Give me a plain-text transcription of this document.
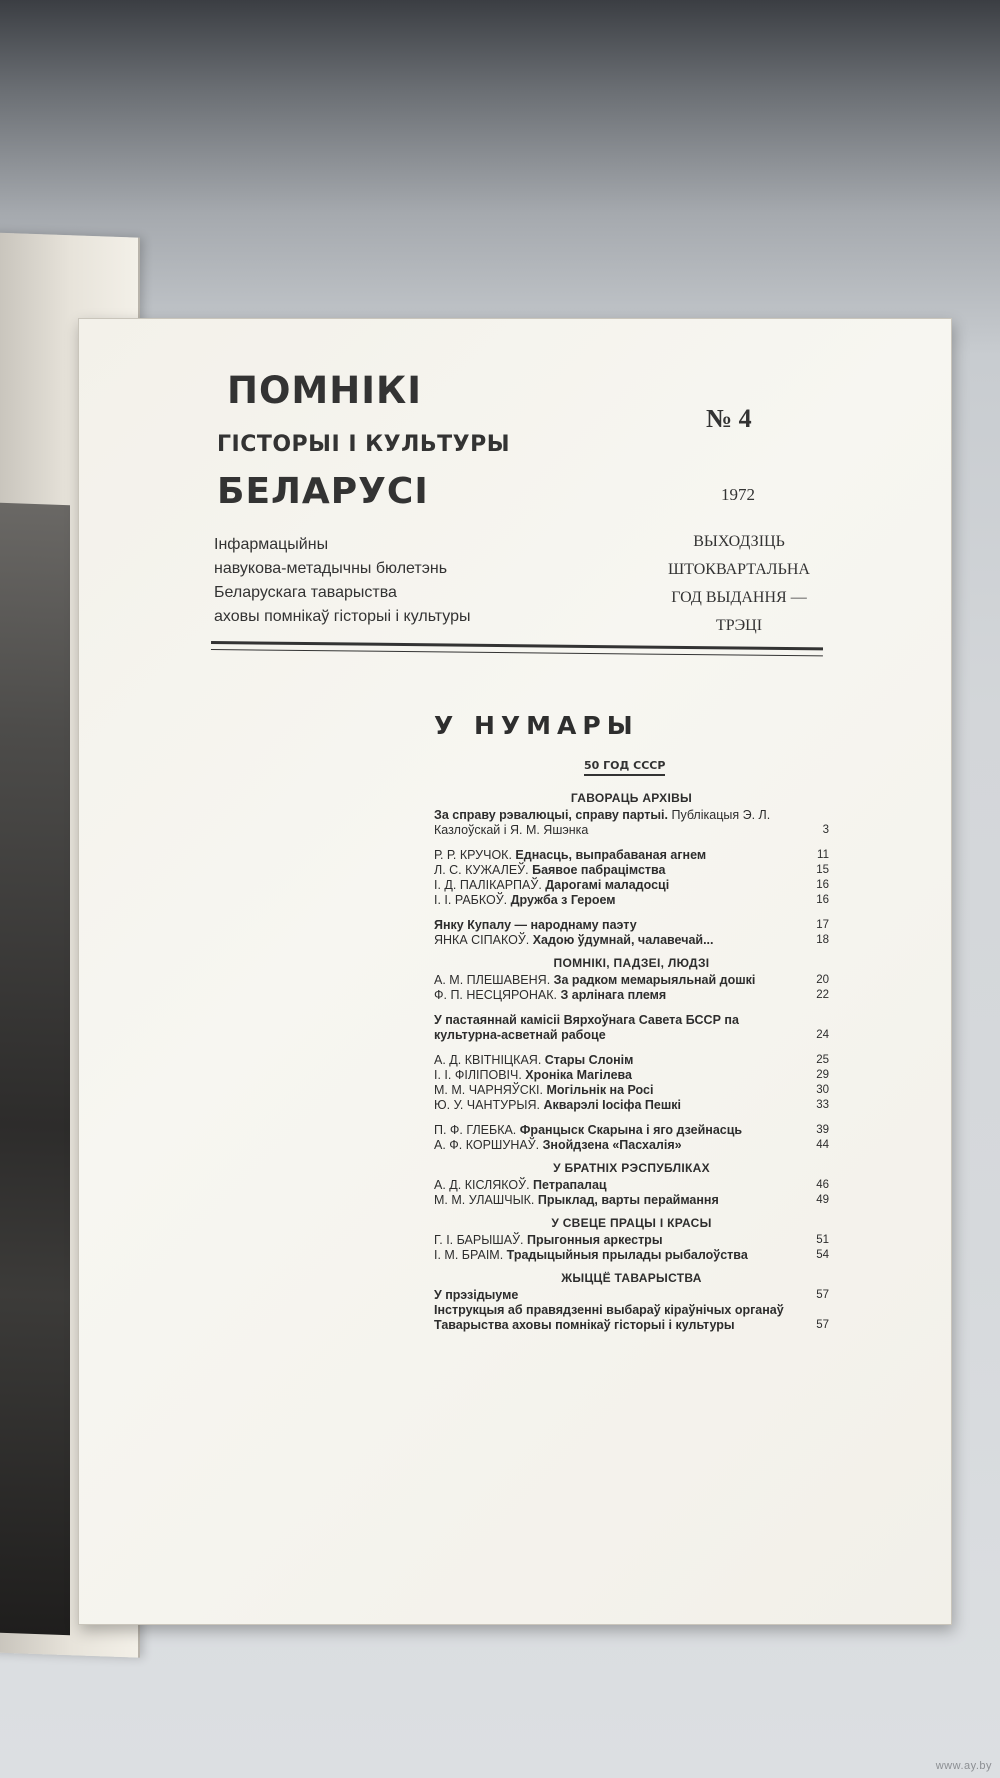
ПОМНІКІ
ГІСТОРЫІ І КУЛЬТУРЫ
БЕЛАРУСІ
Інфармацыйны
навукова-метадычны бюлетэнь
Беларускага таварыства
аховы помнікаў гісторыі і культуры
№ 4
1972
ВЫХОДЗІЦЬ
ШТОКВАРТАЛЬНА
ГОД ВЫДАННЯ —
ТРЭЦІ
У НУМАРЫ
50 ГОД СССР
ГАВОРАЦЬ АРХІВЫ
За справу рэвалюцыі, справу партыі. Публікацыя Э. Л. Казлоўскай і Я. М. Яшэнка	3
Р. Р. КРУЧОК. Еднасць, выпрабаваная агнем	11
Л. С. КУЖАЛЕЎ. Баявое пабрацімства	15
І. Д. ПАЛІКАРПАЎ. Дарогамі маладосці	16
І. І. РАБКОЎ. Дружба з Героем	16
Янку Купалу — народнаму паэту	17
ЯНКА СІПАКОЎ. Хадою ўдумнай, чалавечай...	18
ПОМНІКІ, ПАДЗЕІ, ЛЮДЗІ
А. М. ПЛЕШАВЕНЯ. За радком мемарыяльнай дошкі	20
Ф. П. НЕСЦЯРОНАК. З арлінага племя	22
У пастаяннай камісіі Вярхоўнага Савета БССР па культурна-асветнай рабоце	24
А. Д. КВІТНІЦКАЯ. Стары Слонім	25
І. І. ФІЛІПОВІЧ. Хроніка Магілева	29
М. М. ЧАРНЯЎСКІ. Могільнік на Росі	30
Ю. У. ЧАНТУРЫЯ. Акварэлі Іосіфа Пешкі	33
П. Ф. ГЛЕБКА. Францыск Скарына і яго дзейнасць	39
А. Ф. КОРШУНАЎ. Знойдзена «Пасхалія»	44
У БРАТНІХ РЭСПУБЛІКАХ
А. Д. КІСЛЯКОЎ. Петрапалац	46
М. М. УЛАШЧЫК. Прыклад, варты пераймання	49
У СВЕЦЕ ПРАЦЫ І КРАСЫ
Г. І. БАРЫШАЎ. Прыгонныя аркестры	51
І. М. БРАІМ. Традыцыйныя прылады рыбалоўства	54
ЖЫЦЦЁ ТАВАРЫСТВА
У прэзідыуме	57
Інструкцыя аб правядзенні выбараў кіраўнічых органаў Таварыства аховы помнікаў гісторыі і культуры	57
www.ay.by
